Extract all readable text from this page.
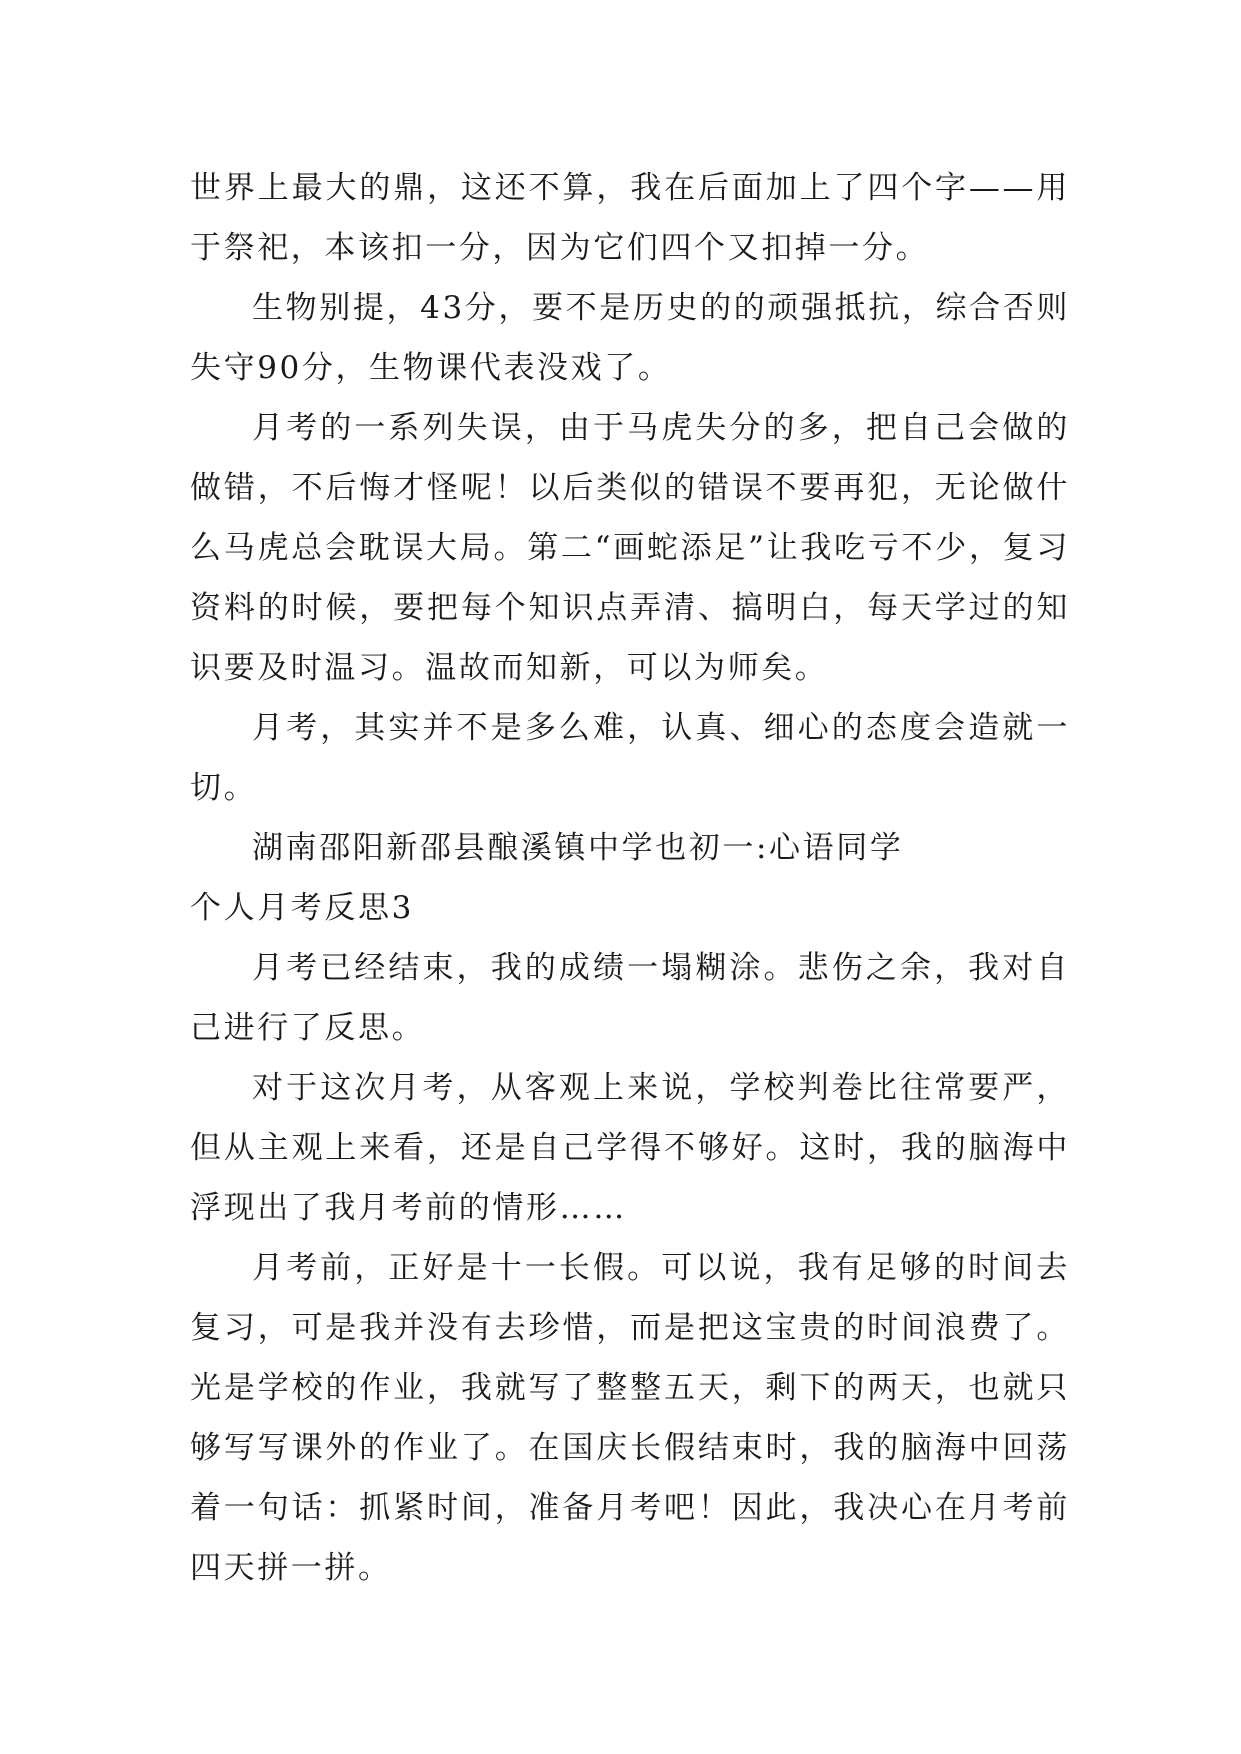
世界上最大的鼎，这还不算，我在后面加上了四个字——用于祭祀，本该扣一分，因为它们四个又扣掉一分。

生物别提，43分，要不是历史的的顽强抵抗，综合否则失守90分，生物课代表没戏了。

月考的一系列失误，由于马虎失分的多，把自己会做的做错，不后悔才怪呢！以后类似的错误不要再犯，无论做什么马虎总会耽误大局。第二“画蛇添足”让我吃亏不少，复习资料的时候，要把每个知识点弄清、搞明白，每天学过的知识要及时温习。温故而知新，可以为师矣。

月考，其实并不是多么难，认真、细心的态度会造就一切。

湖南邵阳新邵县酿溪镇中学也初一:心语同学

个人月考反思3

月考已经结束，我的成绩一塌糊涂。悲伤之余，我对自己进行了反思。

对于这次月考，从客观上来说，学校判卷比往常要严，但从主观上来看，还是自己学得不够好。这时，我的脑海中浮现出了我月考前的情形……

月考前，正好是十一长假。可以说，我有足够的时间去复习，可是我并没有去珍惜，而是把这宝贵的时间浪费了。光是学校的作业，我就写了整整五天，剩下的两天，也就只够写写课外的作业了。在国庆长假结束时，我的脑海中回荡着一句话：抓紧时间，准备月考吧！因此，我决心在月考前四天拼一拼。
